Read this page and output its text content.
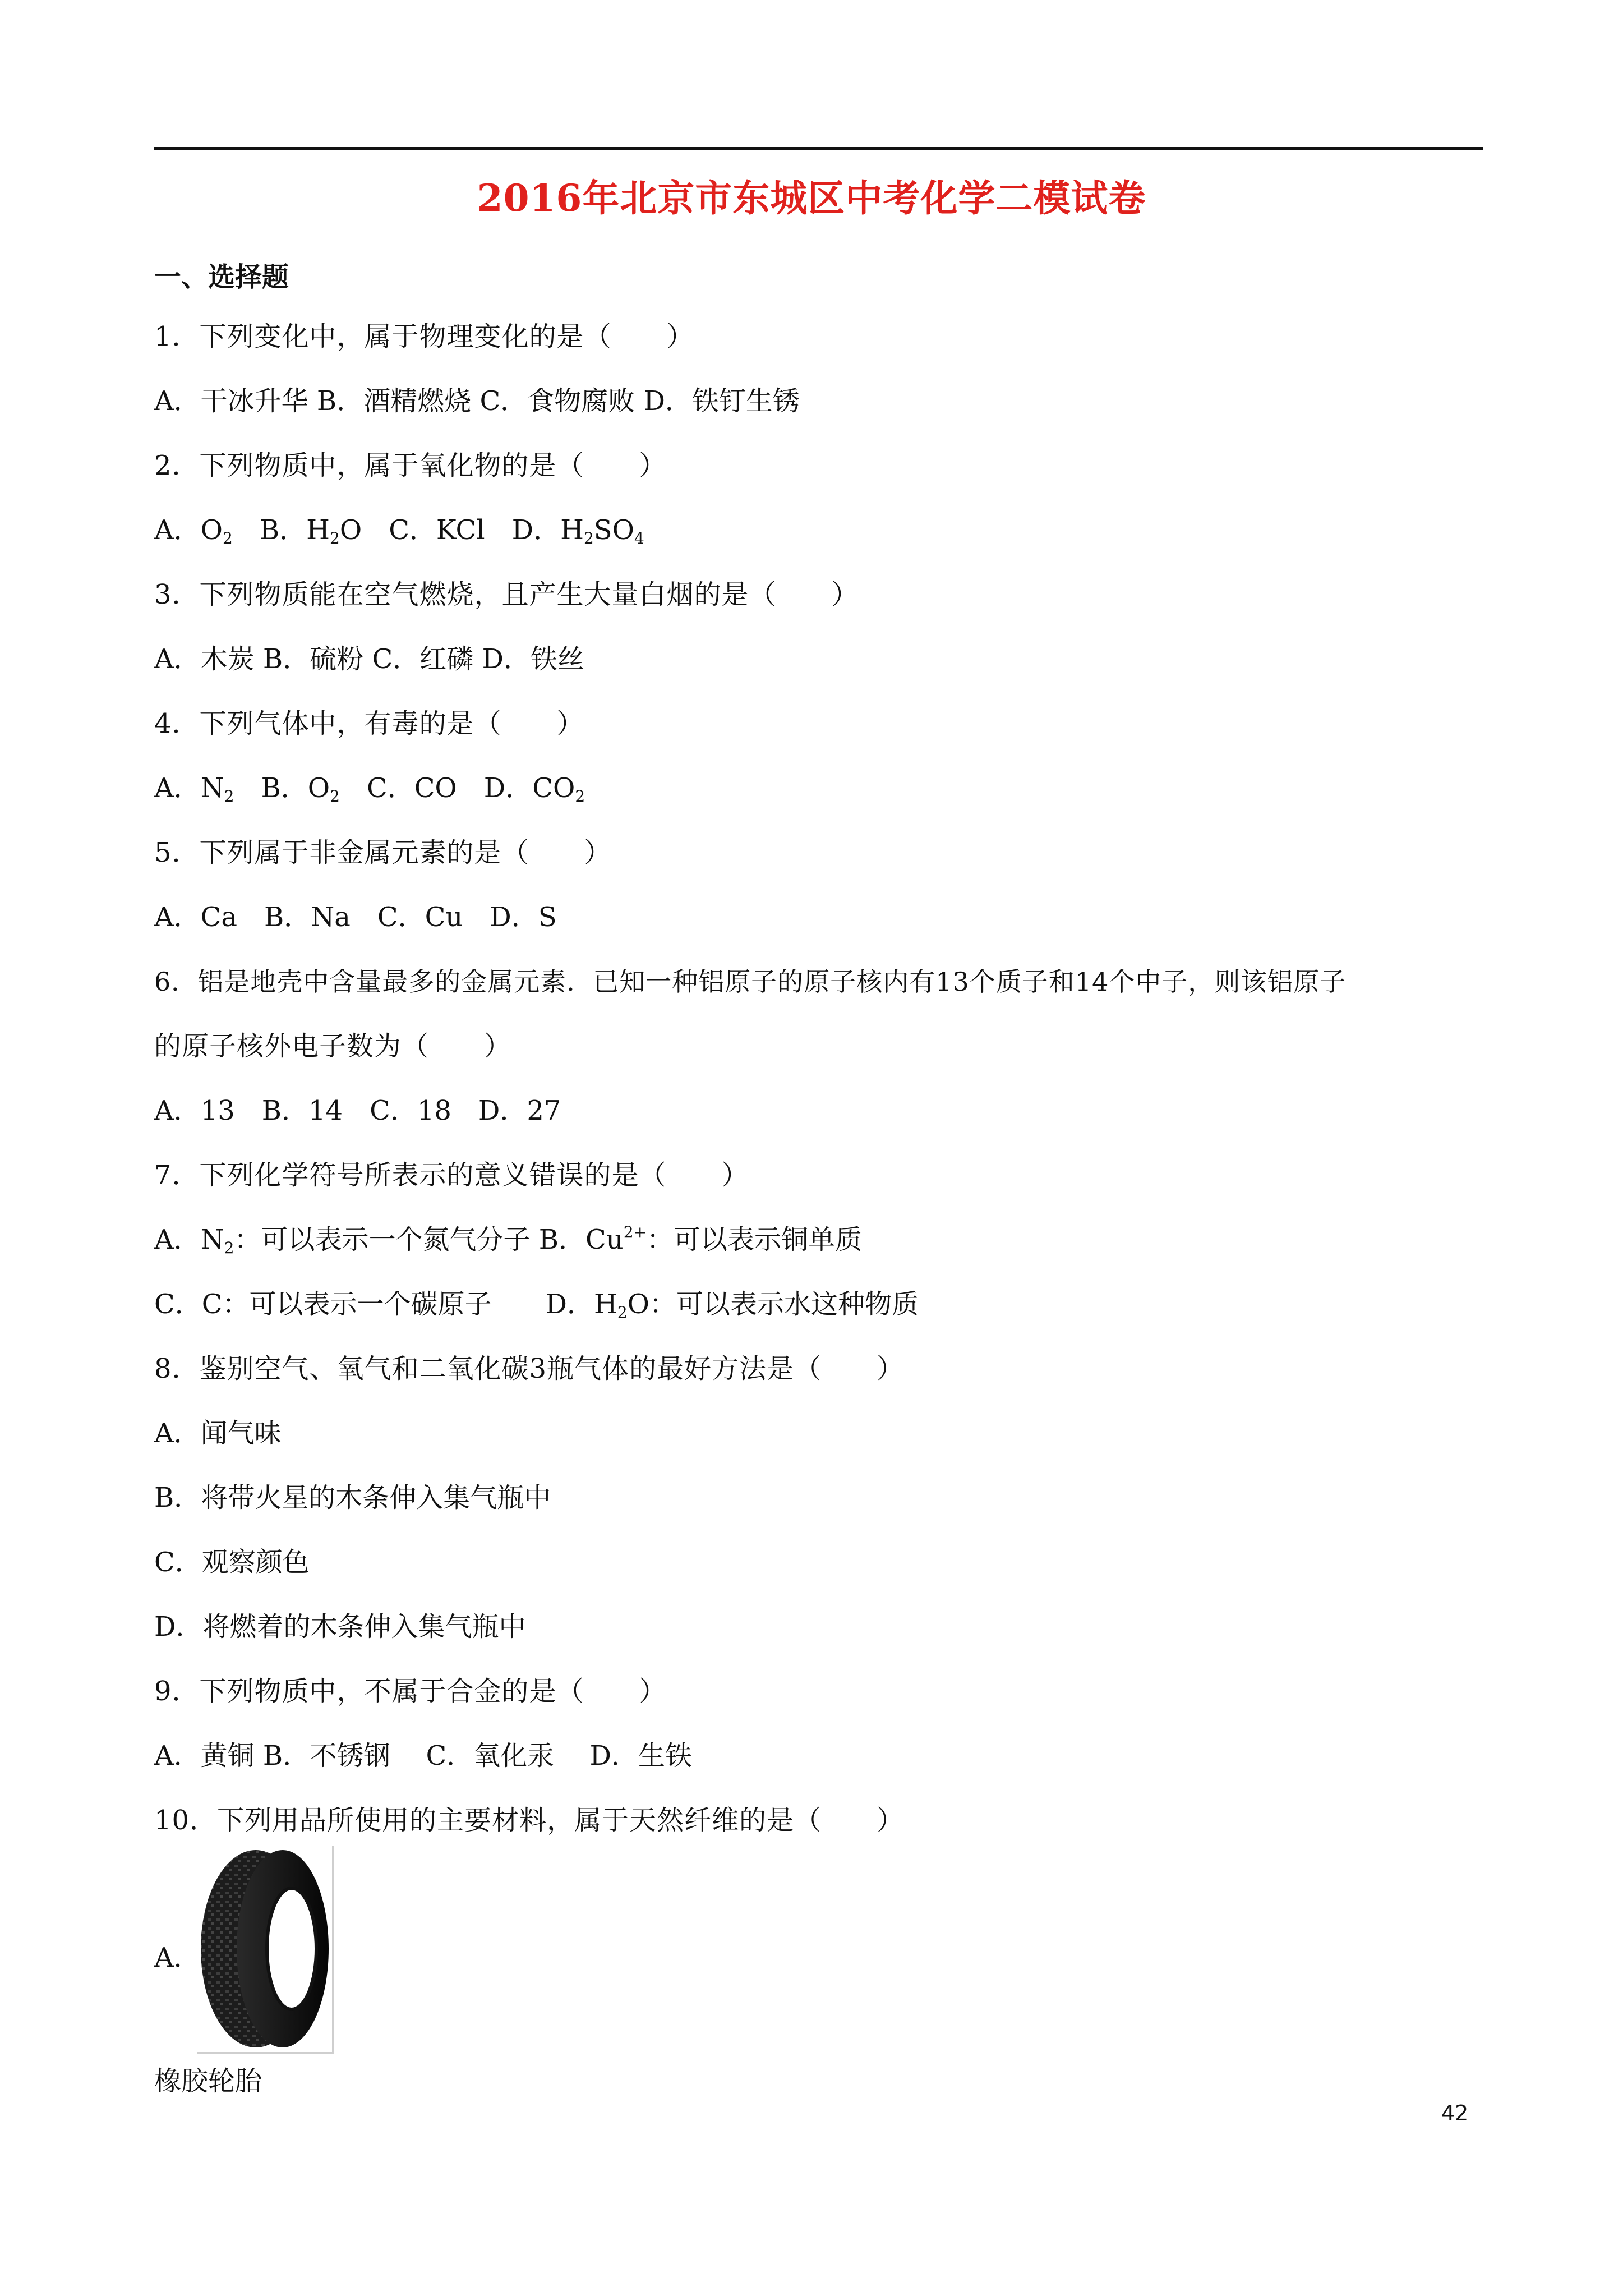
2016年北京市东城区中考化学二模试卷
一、选择题
1．下列变化中，属于物理变化的是（　　）
A．干冰升华 B．酒精燃烧 C．食物腐败 D．铁钉生锈
2．下列物质中，属于氧化物的是（　　）
A．$O_2$　B．$H_2O$　C．KCl　D．$H_2SO_4$
3．下列物质能在空气燃烧，且产生大量白烟的是（　　）
A．木炭 B．硫粉 C．红磷 D．铁丝
4．下列气体中，有毒的是（　　）
A．$N_2$　B．$O_2$　C．CO　D．$CO_2$
5．下列属于非金属元素的是（　　）
A．Ca　B．Na　C．Cu　D．S
6．铝是地壳中含量最多的金属元素．已知一种铝原子的原子核内有13个质子和14个中子，则该铝原子
的原子核外电子数为（　　）
A．13　B．14　C．18　D．27
7．下列化学符号所表示的意义错误的是（　　）
A．$N_2$：可以表示一个氮气分子 B．$Cu^{2+}$：可以表示铜单质
C．C：可以表示一个碳原子　　D．$H_2O$：可以表示水这种物质
8．鉴别空气、氧气和二氧化碳3瓶气体的最好方法是（　　）
A．闻气味
B．将带火星的木条伸入集气瓶中
C．观察颜色
D．将燃着的木条伸入集气瓶中
9．下列物质中，不属于合金的是（　　）
A．黄铜 B．不锈钢　 C．氧化汞　 D．生铁
10．下列用品所使用的主要材料，属于天然纤维的是（　　）
A．
橡胶轮胎
42
